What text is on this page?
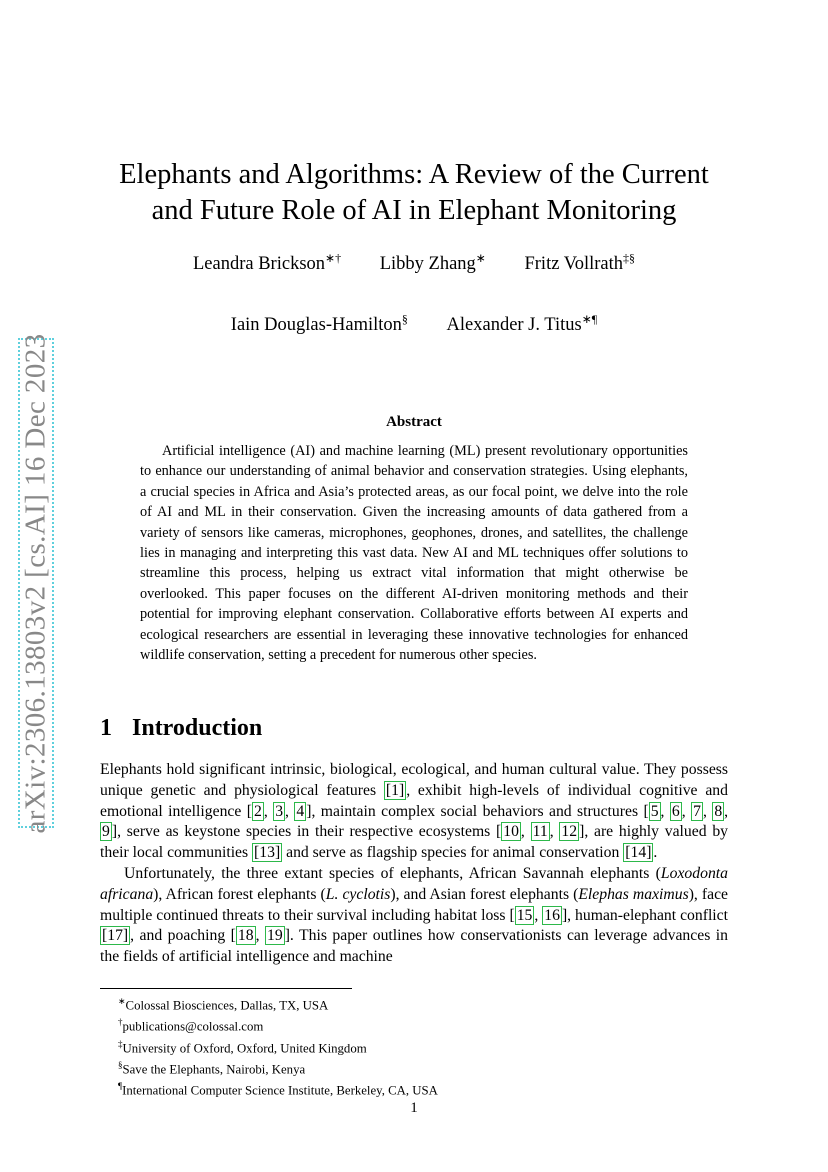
arXiv:2306.13803v2 [cs.AI] 16 Dec 2023
Elephants and Algorithms: A Review of the Current
and Future Role of AI in Elephant Monitoring
Leandra Brickson∗† Libby Zhang∗ Fritz Vollrath‡§
Iain Douglas-Hamilton§ Alexander J. Titus∗¶
Abstract

Artificial intelligence (AI) and machine learning (ML) present revolutionary opportunities to enhance our understanding of animal behavior and conservation strategies. Using elephants, a crucial species in Africa and Asia’s protected areas, as our focal point, we delve into the role of AI and ML in their conservation. Given the increasing amounts of data gathered from a variety of sensors like cameras, microphones, geophones, drones, and satellites, the challenge lies in managing and interpreting this vast data. New AI and ML techniques offer solutions to streamline this process, helping us extract vital information that might otherwise be overlooked. This paper focuses on the different AI-driven monitoring methods and their potential for improving elephant conservation. Collaborative efforts between AI experts and ecological researchers are essential in leveraging these innovative technologies for enhanced wildlife conservation, setting a precedent for numerous other species.

1 Introduction

Elephants hold significant intrinsic, biological, ecological, and human cultural value. They possess unique genetic and physiological features [1] , exhibit high-levels of individual cognitive and emotional intelligence [ 2 , 3 , 4 ], maintain complex social behaviors and structures [ 5 , 6 , 7 , 8 , 9 ], serve as keystone species in their respective ecosystems [ 10 , 11 , 12 ], are highly valued by their local communities [13] and serve as flagship species for animal conservation [14] .

Unfortunately, the three extant species of elephants, African Savannah elephants (Loxodonta africana), African forest elephants (L. cyclotis), and Asian forest elephants (Elephas maximus), face multiple continued threats to their survival including habitat loss [ 15 , 16 ], human-elephant conflict [17] , and poaching [ 18 , 19 ]. This paper outlines how conservationists can leverage advances in the fields of artificial intelligence and machine

∗Colossal Biosciences, Dallas, TX, USA
†publications@colossal.com
‡University of Oxford, Oxford, United Kingdom
§Save the Elephants, Nairobi, Kenya
¶International Computer Science Institute, Berkeley, CA, USA
1
